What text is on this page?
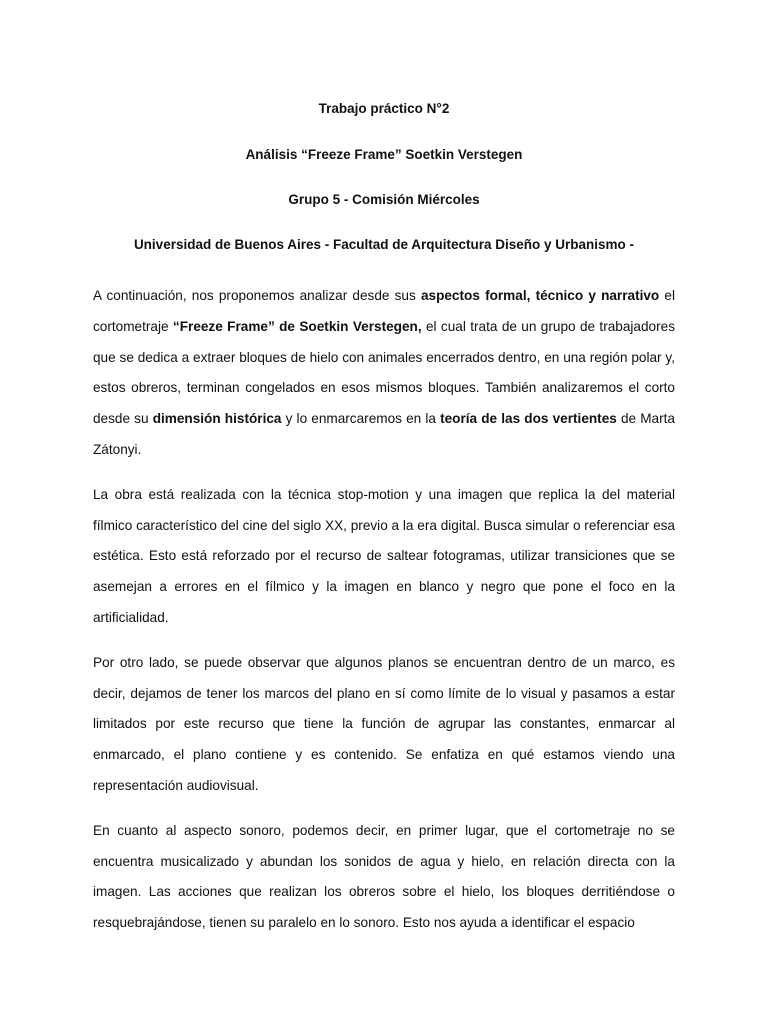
Trabajo práctico N°2

Análisis “Freeze Frame” Soetkin Verstegen

Grupo 5 - Comisión Miércoles

Universidad de Buenos Aires - Facultad de Arquitectura Diseño y Urbanismo -

A continuación, nos proponemos analizar desde sus aspectos formal, técnico y narrativo el cortometraje “Freeze Frame” de Soetkin Verstegen, el cual trata de un grupo de trabajadores que se dedica a extraer bloques de hielo con animales encerrados dentro, en una región polar y, estos obreros, terminan congelados en esos mismos bloques. También analizaremos el corto desde su dimensión histórica y lo enmarcaremos en la teoría de las dos vertientes de Marta Zátonyi.

La obra está realizada con la técnica stop-motion y una imagen que replica la del material fílmico característico del cine del siglo XX, previo a la era digital. Busca simular o referenciar esa estética. Esto está reforzado por el recurso de saltear fotogramas, utilizar transiciones que se asemejan a errores en el fílmico y la imagen en blanco y negro que pone el foco en la artificialidad.

Por otro lado, se puede observar que algunos planos se encuentran dentro de un marco, es decir, dejamos de tener los marcos del plano en sí como límite de lo visual y pasamos a estar limitados por este recurso que tiene la función de agrupar las constantes, enmarcar al enmarcado, el plano contiene y es contenido. Se enfatiza en qué estamos viendo una representación audiovisual.

En cuanto al aspecto sonoro, podemos decir, en primer lugar, que el cortometraje no se encuentra musicalizado y abundan los sonidos de agua y hielo, en relación directa con la imagen. Las acciones que realizan los obreros sobre el hielo, los bloques derritiéndose o resquebrajándose, tienen su paralelo en lo sonoro. Esto nos ayuda a identificar el espacio
